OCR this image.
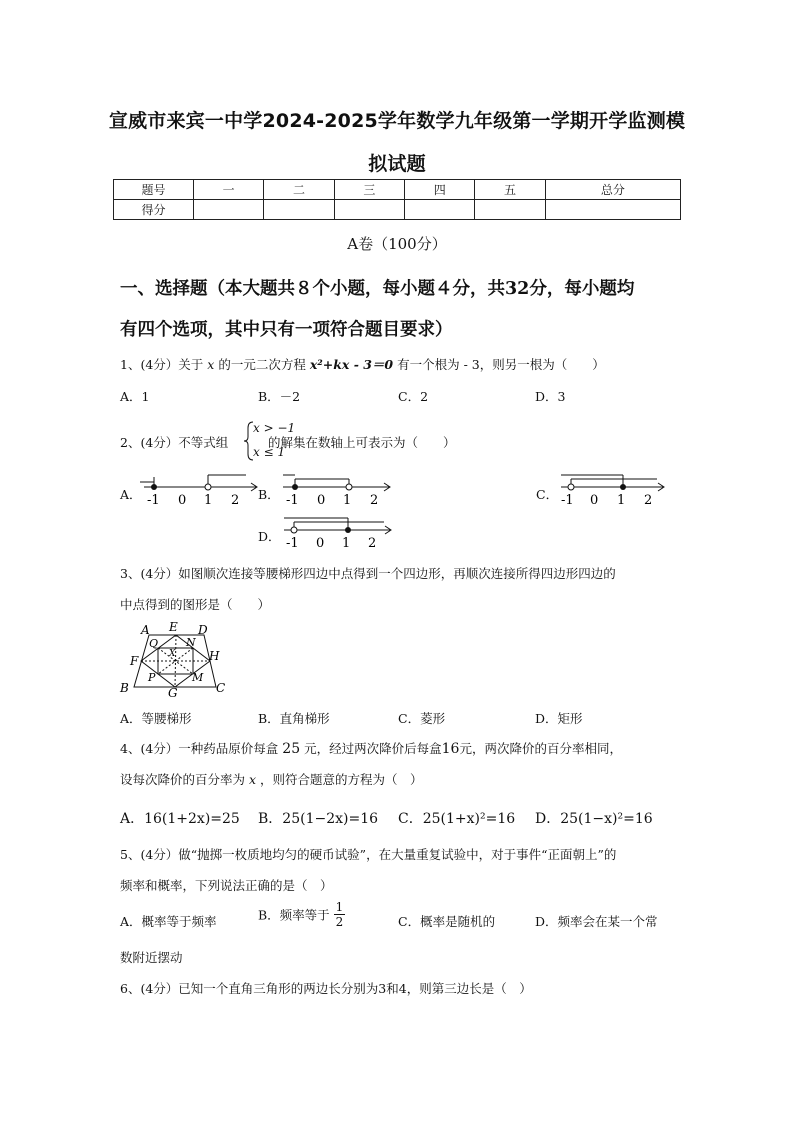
宣威市来宾一中学2024-2025学年数学九年级第一学期开学监测模
拟试题
题号	一	二	三	四	五	总分
得分						
A卷（100分）
一、选择题（本大题共８个小题，每小题４分，共32分，每小题均
有四个选项，其中只有一项符合题目要求）
1、(4分）关于 x 的一元二次方程 x²+kx - 3＝0 有一个根为 - 3，则另一根为（　　）
A．1	B．－2	C．2	D．3
2、(4分）不等式组
x > −1
x ≤ 1
的解集在数轴上可表示为（　　）
A．	B．	C．
D．
-1 0 1 2	-1 0 1 2	-1 0 1 2
-1 0 1 2
3、(4分）如图顺次连接等腰梯形四边中点得到一个四边形，再顺次连接所得四边形四边的
中点得到的图形是（　　）
A E D
F	H
B	G	C
Q	N
P	M
X
A．等腰梯形	B．直角梯形	C．菱形	D．矩形
4、(4分）一种药品原价每盒 25 元，经过两次降价后每盒16元，两次降价的百分率相同，
设每次降价的百分率为 x ，则符合题意的方程为（　）
A．16(1+2x)=25 B．25(1−2x)=16 C．25(1+x)²=16 D．25(1−x)²=16
5、(4分）做“抛掷一枚质地均匀的硬币试验”，在大量重复试验中，对于事件“正面朝上”的
频率和概率，下列说法正确的是（　）
A．概率等于频率	B．频率等于 $\frac{1}{2}$	C．概率是随机的	D．频率会在某一个常
数附近摆动
6、(4分）已知一个直角三角形的两边长分别为3和4，则第三边长是（　）
